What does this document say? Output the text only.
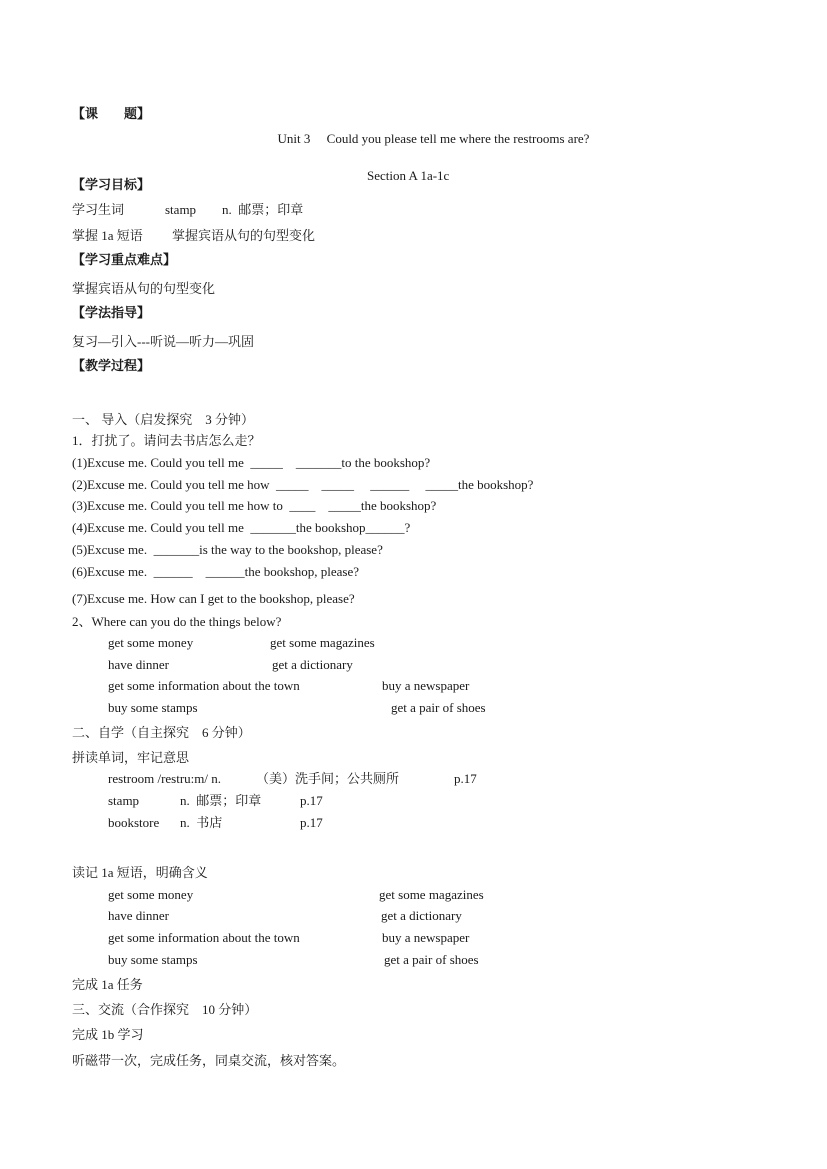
【课　　题】
Unit 3     Could you please tell me where the restrooms are?

Section A 1a-1c

【学习目标】
学习生词	stamp n.  邮票；印章
掌握 1a 短语 掌握宾语从句的句型变化
【学习重点难点】
掌握宾语从句的句型变化
【学法指导】
复习—引入---听说—听力—巩固
【教学过程】
一、 导入（启发探究    3 分钟）
1．打扰了。请问去书店怎么走？
(1)Excuse me. Could you tell me  _____    _______to the bookshop?
(2)Excuse me. Could you tell me how  _____    _____     ______     _____the bookshop?
(3)Excuse me. Could you tell me how to  ____    _____the bookshop?
(4)Excuse me. Could you tell me  _______the bookshop______?
(5)Excuse me.  _______is the way to the bookshop, please?
(6)Excuse me.  ______    ______the bookshop, please?
(7)Excuse me. How can I get to the bookshop, please?
2、Where can you do the things below?
get some money	get some magazines
have dinner	get a dictionary
get some information about the town	buy a newspaper
buy some stamps	get a pair of shoes
二、自学（自主探究    6 分钟）
拼读单词，牢记意思
restroom /restru:m/ n.	（美）洗手间；公共厕所	p.17
stamp	n.  邮票；印章	p.17
bookstore n.  书店	p.17
读记 1a 短语，明确含义
get some money	get some magazines
have dinner	get a dictionary
get some information about the town	buy a newspaper
buy some stamps	get a pair of shoes
完成 1a 任务
三、交流（合作探究    10 分钟）
完成 1b 学习
听磁带一次，完成任务，同桌交流，核对答案。
